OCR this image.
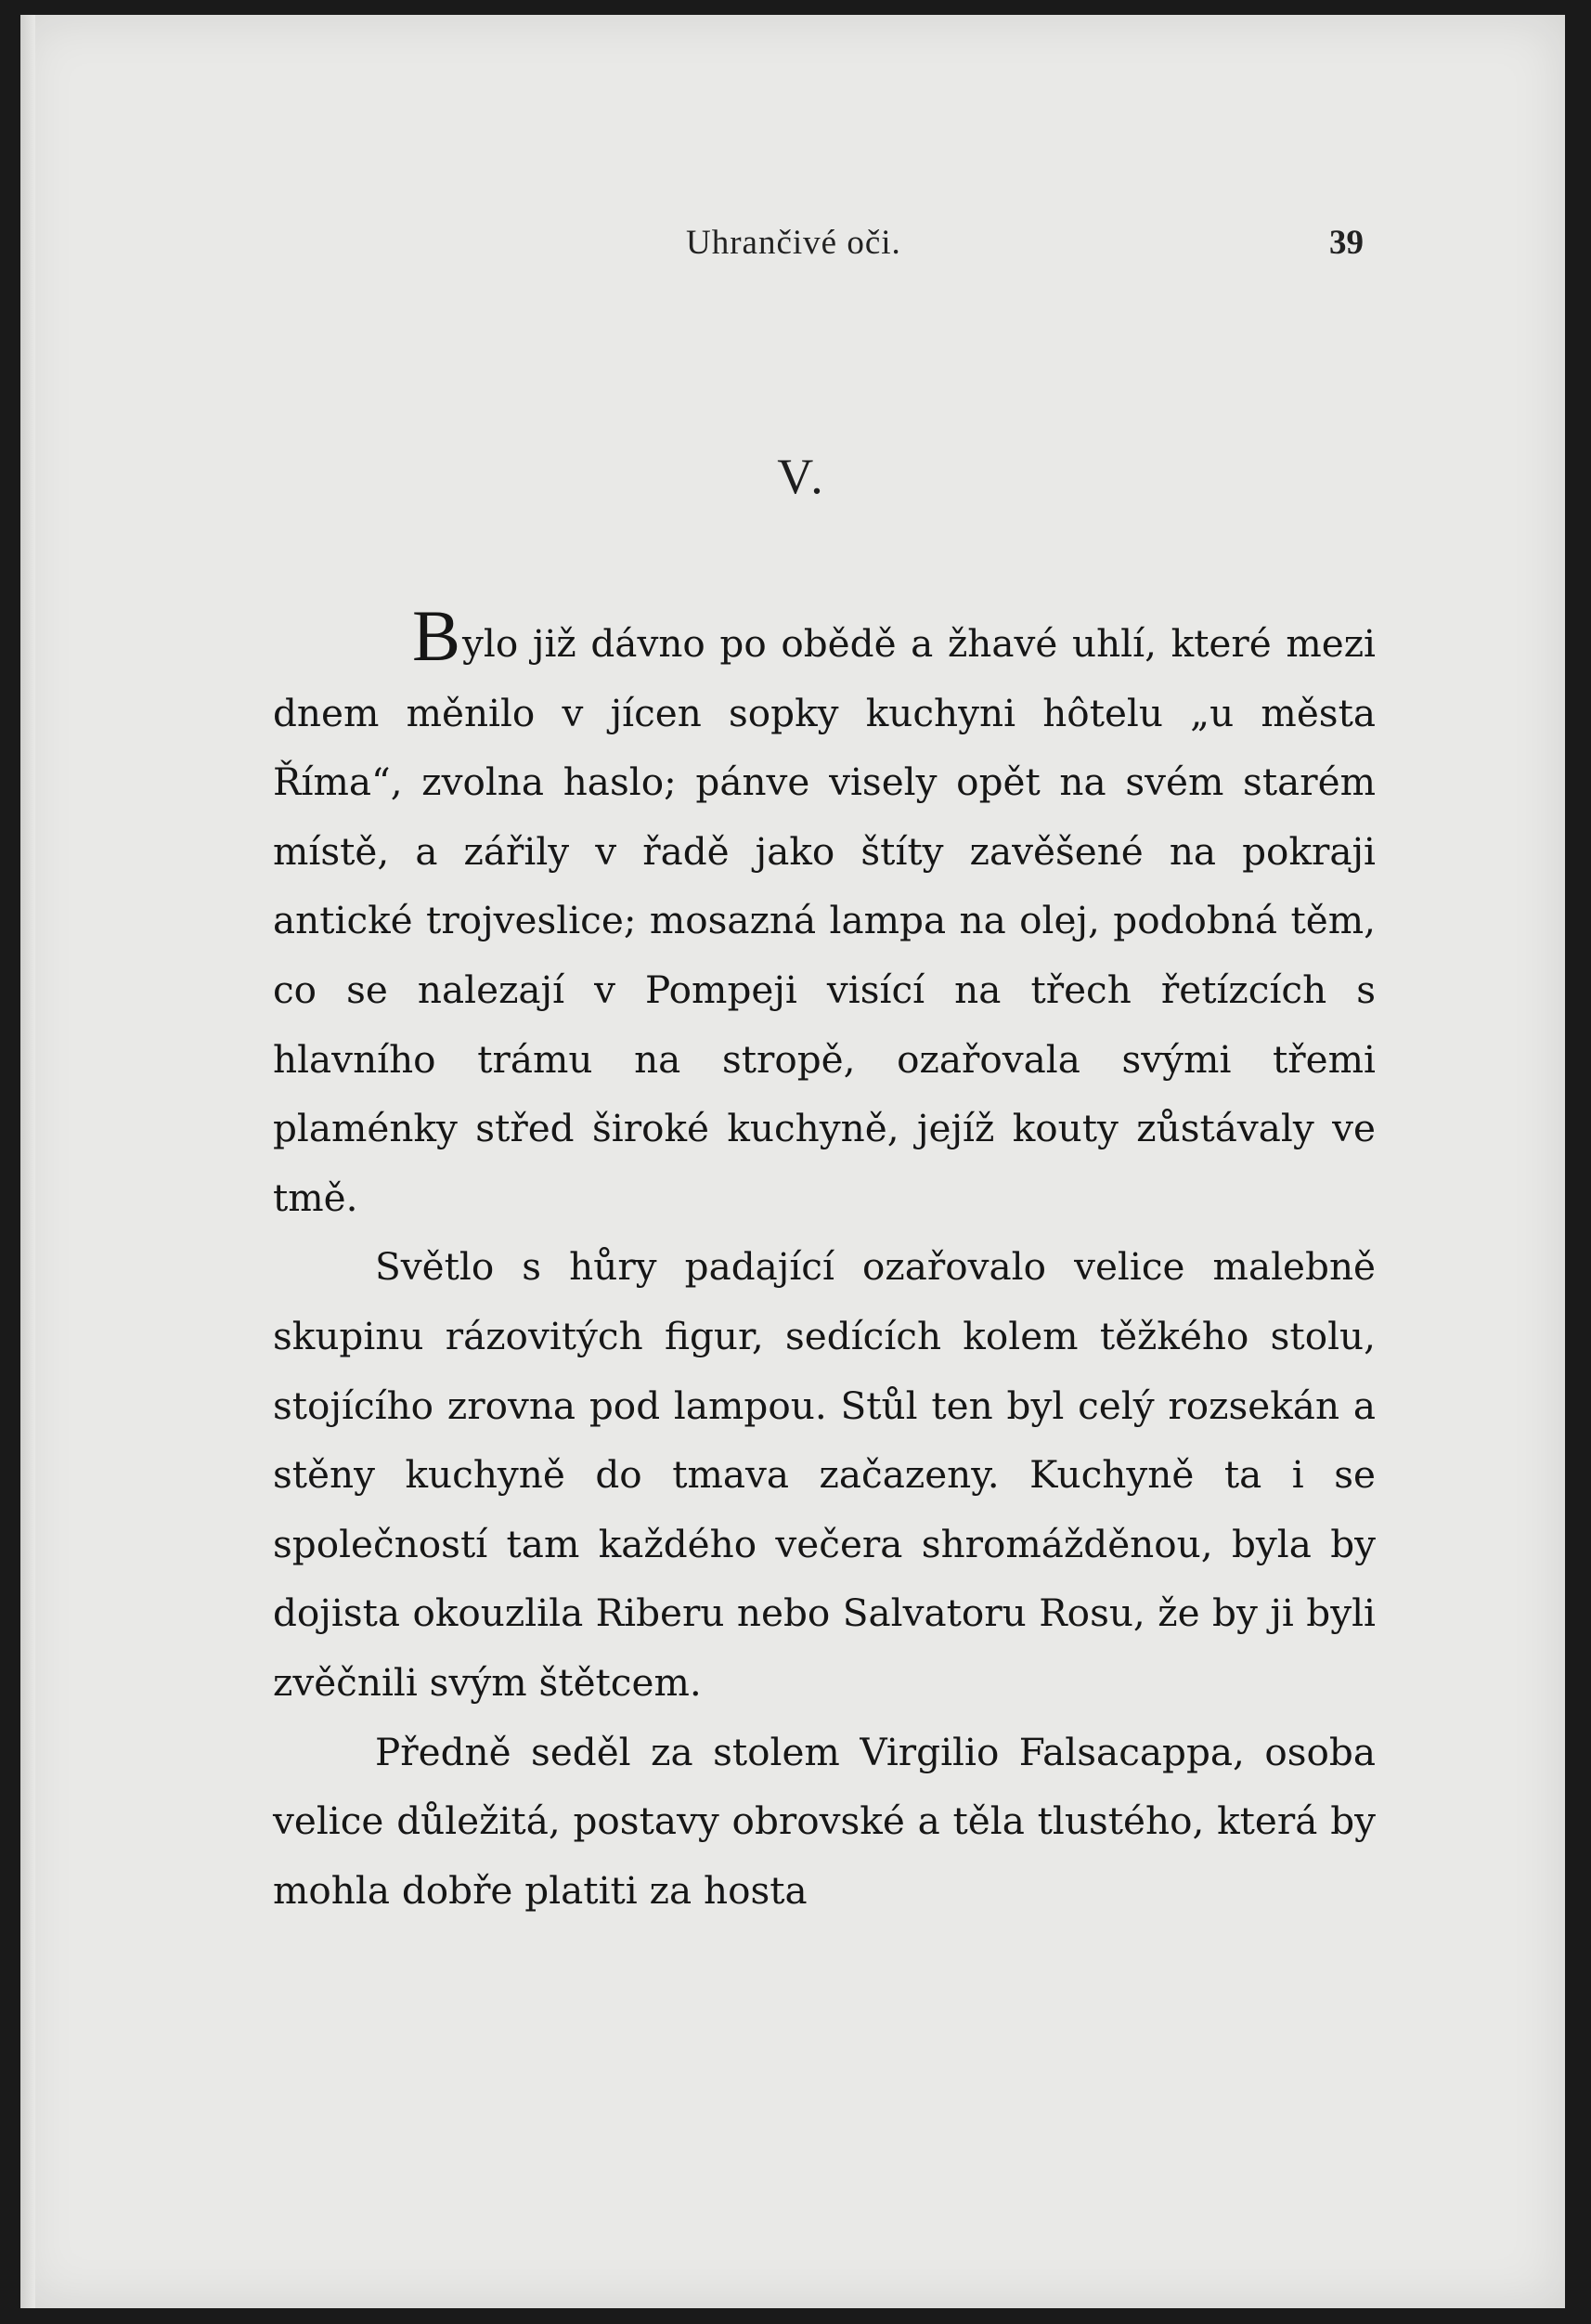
Uhrančivé oči.	39
V.

Bylo již dávno po obědě a žhavé uhlí, které mezi dnem měnilo v jícen sopky kuchyni hôtelu „u města Říma“, zvolna haslo; pánve visely opět na svém starém místě, a zářily v řadě jako štíty zavěšené na pokraji antické trojveslice; mosazná lampa na olej, podobná těm, co se nalezají v Pompeji visící na třech řetízcích s hlavního trámu na stropě, ozařovala svými třemi plaménky střed široké kuchyně, jejíž kouty zůstávaly ve tmě.

Světlo s hůry padající ozařovalo velice malebně skupinu rázovitých figur, sedících kolem těžkého stolu, stojícího zrovna pod lampou. Stůl ten byl celý rozsekán a stěny kuchyně do tmava začazeny. Kuchyně ta i se společností tam každého večera shromážděnou, byla by dojista okouzlila Riberu nebo Salvatoru Rosu, že by ji byli zvěčnili svým štětcem.

Předně seděl za stolem Virgilio Falsacappa, osoba velice důležitá, postavy obrovské a těla tlustého, která by mohla dobře platiti za hosta
